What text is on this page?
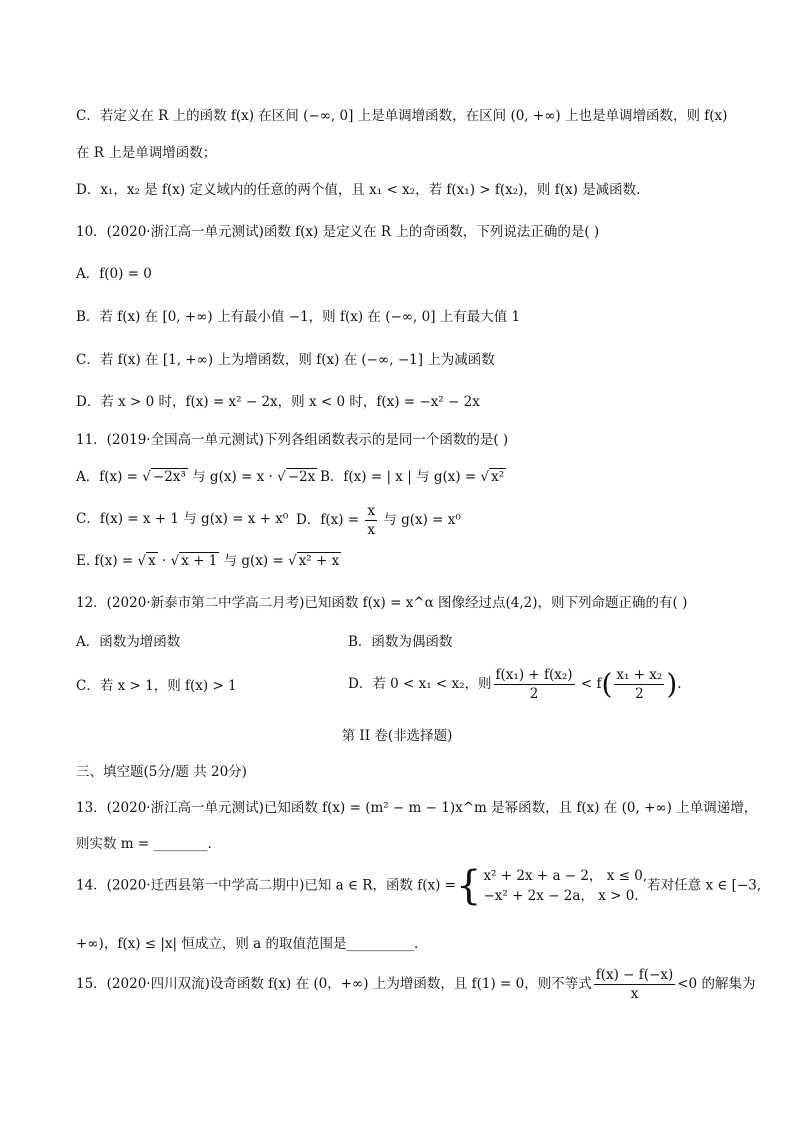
C．若定义在 R 上的函数 f(x) 在区间 (−∞, 0] 上是单调增函数，在区间 (0, +∞) 上也是单调增函数，则 f(x)
在 R 上是单调增函数；
D．x₁，x₂ 是 f(x) 定义域内的任意的两个值，且 x₁ < x₂，若 f(x₁) > f(x₂)，则 f(x) 是减函数.
10．(2020·浙江高一单元测试)函数 f(x) 是定义在 R 上的奇函数，下列说法正确的是( )
A．f(0) = 0
B．若 f(x) 在 [0, +∞) 上有最小值 −1，则 f(x) 在 (−∞, 0] 上有最大值 1
C．若 f(x) 在 [1, +∞) 上为增函数，则 f(x) 在 (−∞, −1] 上为减函数
D．若 x > 0 时，f(x) = x² − 2x，则 x < 0 时，f(x) = −x² − 2x
11．(2019·全国高一单元测试)下列各组函数表示的是同一个函数的是( )
A．f(x) = √ −2x³ 与 g(x) = x · √ −2x B．f(x) = | x | 与 g(x) = √ x²
C．f(x) = x + 1 与 g(x) = x + x⁰ D．$f(x) = \frac{x}{x}$ 与 g(x) = x⁰
E. f(x) = √ x · √ x + 1 与 g(x) = √ x² + x
12．(2020·新泰市第二中学高二月考)已知函数 f(x) = x^α 图像经过点(4,2)，则下列命题正确的有( )
A．函数为增函数	B．函数为偶函数
C．若 x > 1，则 f(x) > 1	D．若 0 < x₁ < x₂，则 $\frac{\text{f(x₁) + f(x₂)}}{2} < f( \frac{\text{x₁ + x₂}}{2}$ ).
第 II 卷(非选择题)
三、填空题(5分/题 共 20分)
13．(2020·浙江高一单元测试)已知函数 f(x) = (m² − m − 1)x^m 是幂函数，且 f(x) 在 (0, +∞) 上单调递增，
则实数 m = ________.
14．(2020·迁西县第一中学高二期中)已知 a ∈ R，函数 f(x) ={ x² + 2x + a − 2， x ≤ 0,
−x² + 2x − 2a， x > 0.
若对任意 x ∈ [−3,
+∞)，f(x) ≤ |x| 恒成立，则 a 的取值范围是__________.
15．(2020·四川双流)设奇函数 f(x) 在 (0，+∞) 上为增函数，且 f(1) = 0，则不等式 $\frac{f(x) - f(-x)}{x} <0$ 的解集为
